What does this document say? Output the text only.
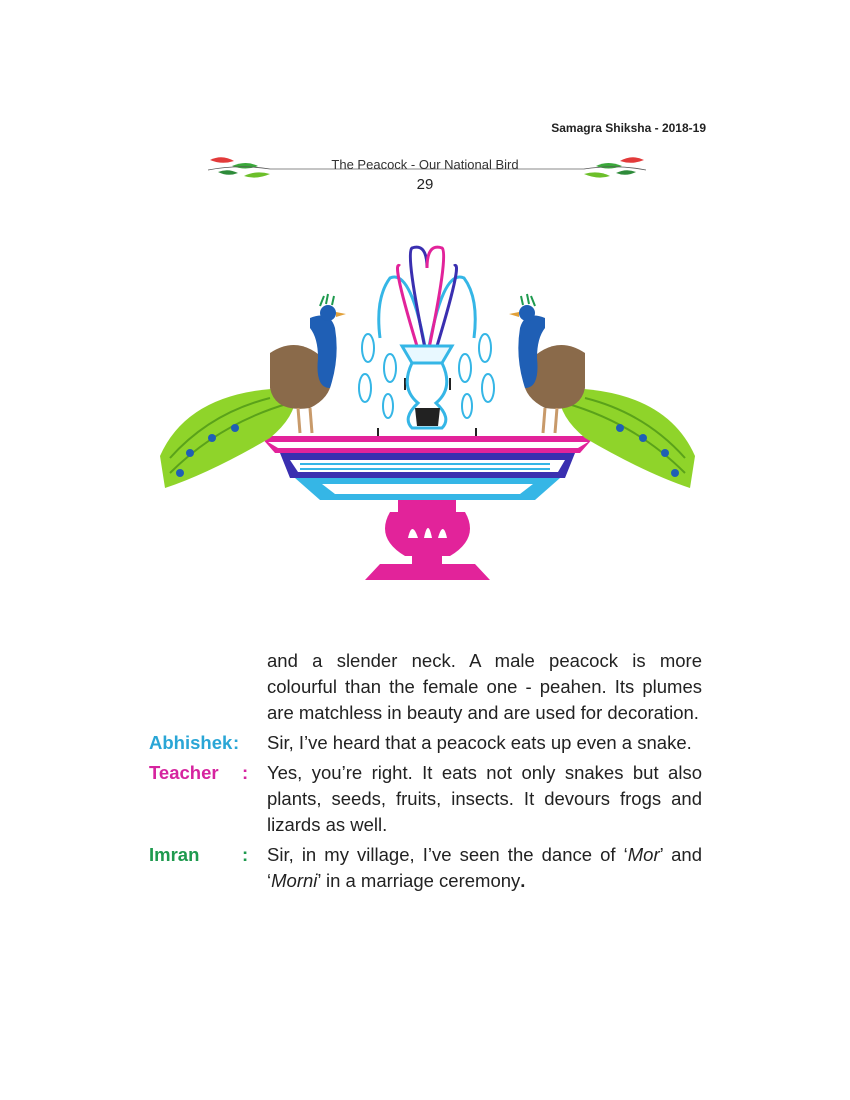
Samagra Shiksha - 2018-19
The Peacock - Our National Bird
29
and a slender neck. A male peacock is more colourful than the female one - peahen. Its plumes are matchless in beauty and are used for decoration.
Abhishek :	Sir, I’ve heard that a peacock eats up even a snake.
Teacher	:	Yes, you’re right. It eats not only snakes but also plants, seeds, fruits, insects. It devours frogs and lizards as well.
Imran	:	Sir, in my village, I’ve seen the dance of ‘Mor’ and ‘Morni’ in a marriage ceremony.
